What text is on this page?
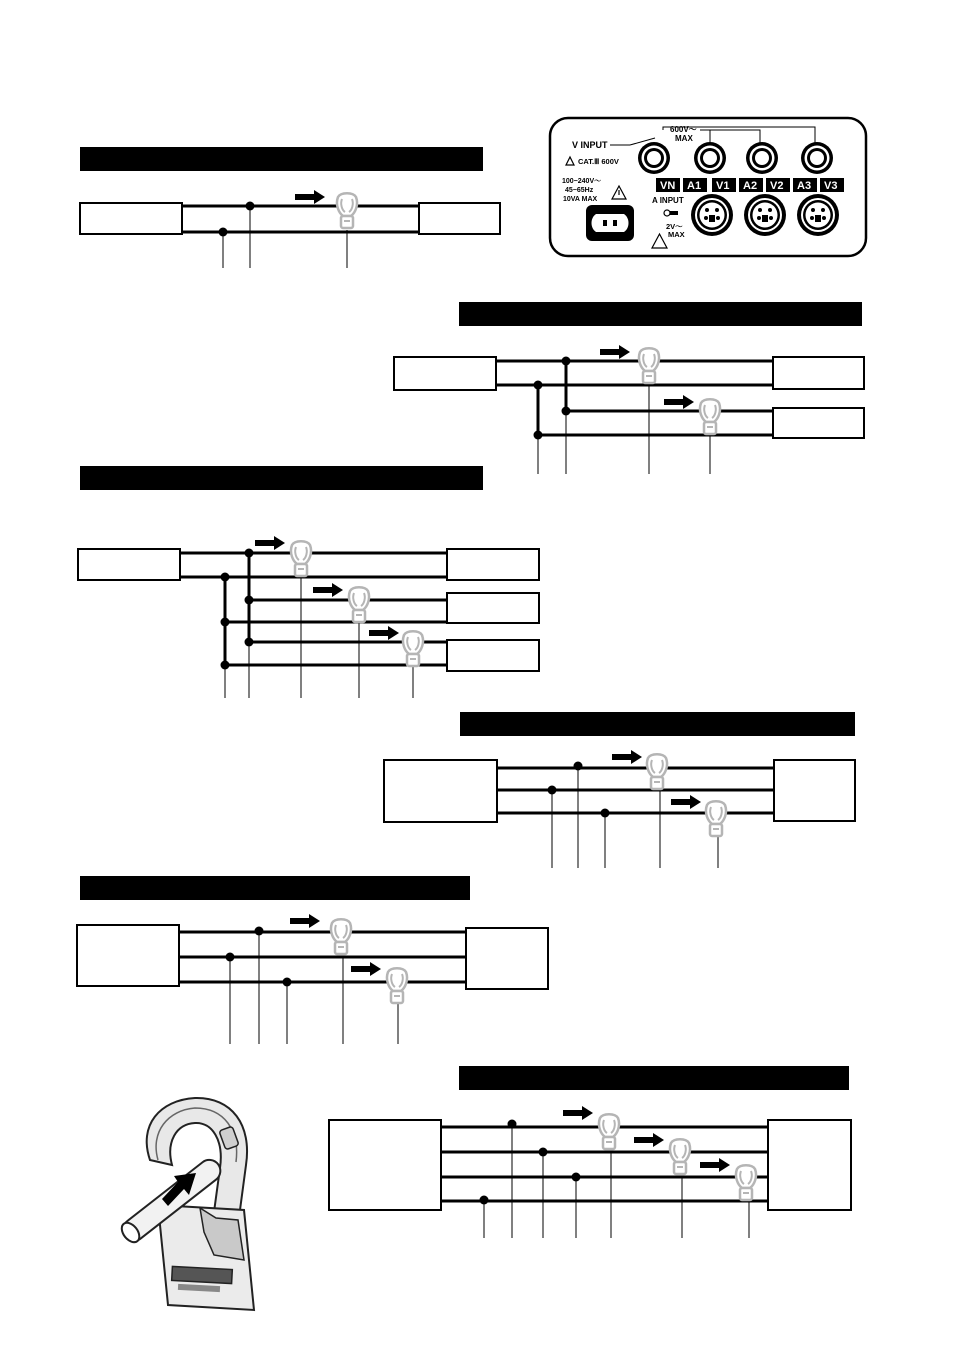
V INPUT
600V～
MAX
CAT.Ⅲ 600V
100−240V～
45−65Hz
10VA MAX
VN A1 V1 A2 V2 A3 V3
A INPUT
2V～
MAX
